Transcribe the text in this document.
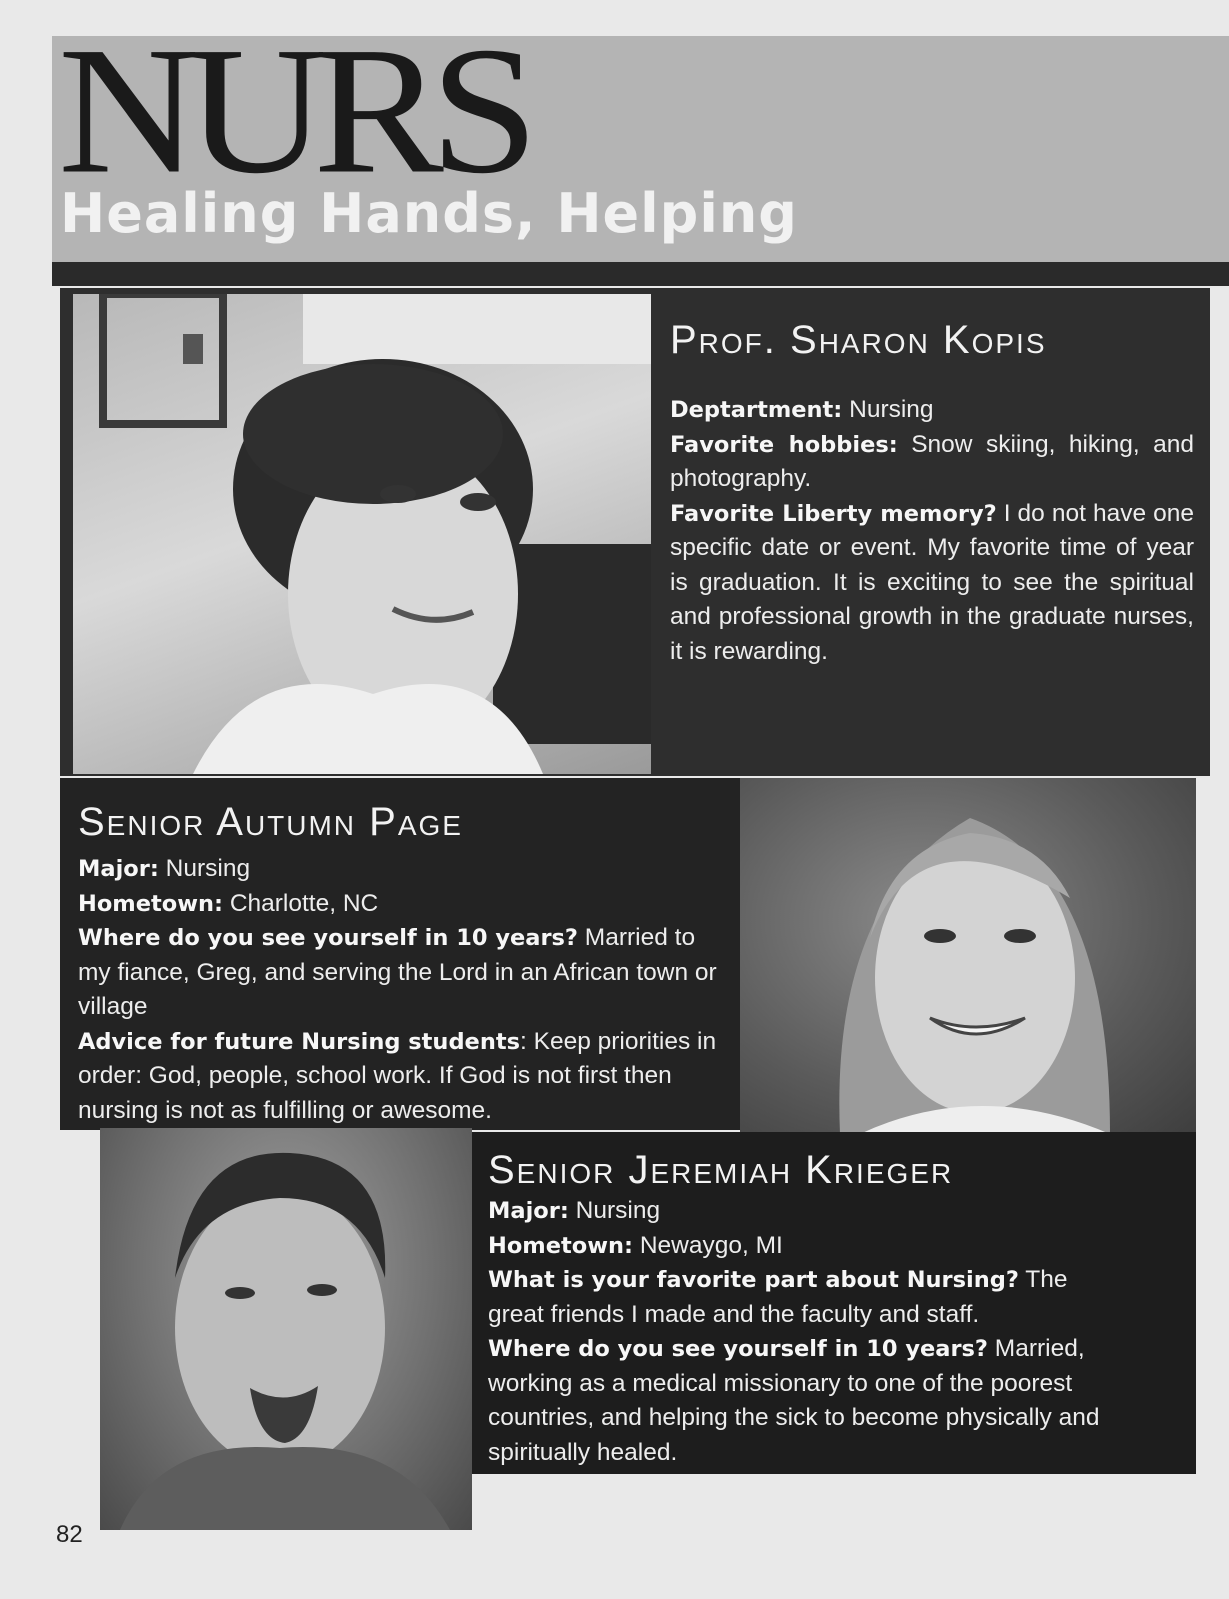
NURS
Healing Hands, Helping
Prof. Sharon Kopis

Deptartment: Nursing

Favorite hobbies: Snow skiing, hiking, and photography.

Favorite Liberty memory? I do not have one specific date or event. My favorite time of year is graduation. It is exciting to see the spiritual and professional growth in the graduate nurses, it is rewarding.

Senior Autumn Page

Major: Nursing

Hometown: Charlotte, NC

Where do you see yourself in 10 years? Married to my fiance, Greg, and serving the Lord in an African town or village

Advice for future Nursing students: Keep priorities in order: God, people, school work. If God is not first then nursing is not as fulfilling or awesome.

Senior Jeremiah Krieger

Major: Nursing

Hometown: Newaygo, MI

What is your favorite part about Nursing? The great friends I made and the faculty and staff.

Where do you see yourself in 10 years? Married, working as a medical missionary to one of the poorest countries, and helping the sick to become physically and spiritually healed.

82
